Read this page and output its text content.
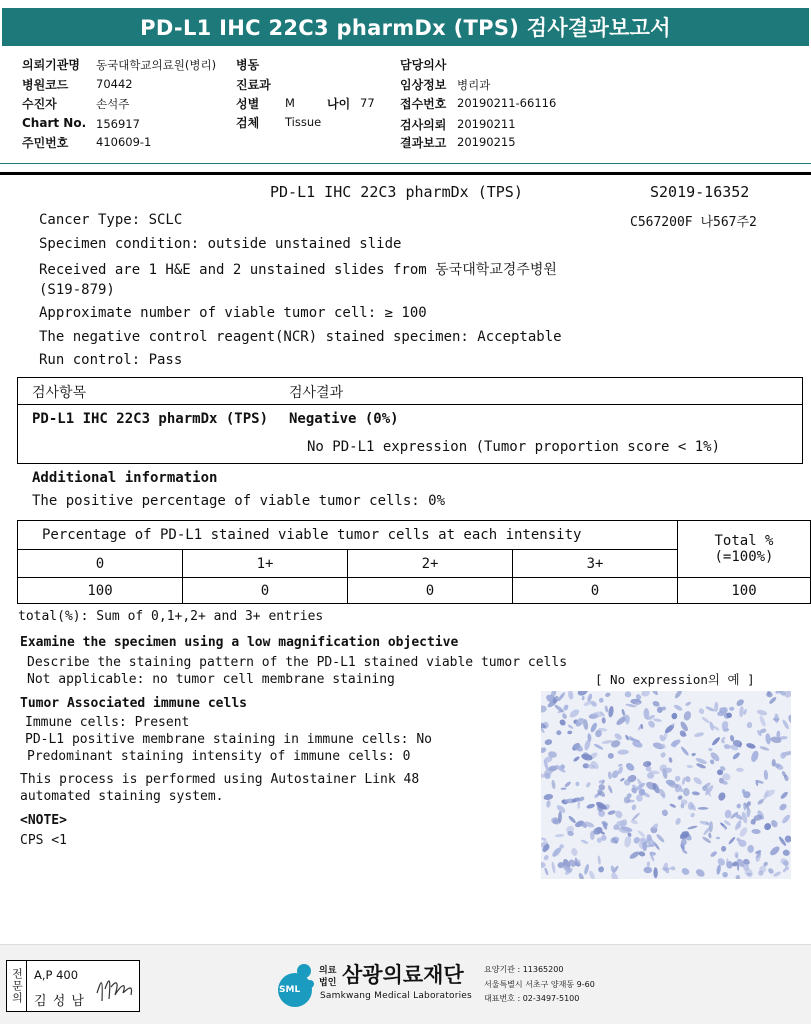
PD-L1 IHC 22C3 pharmDx (TPS) 검사결과보고서
의뢰기관명 동국대학교의료원(병리)
병원코드 70442
수진자	손석주
Chart No. 156917
주민번호 410609-1
병동
진료과
성별 M	나이 77
검체 Tissue
담당의사
임상정보 병리과
접수번호 20190211-66116
검사의뢰 20190211
결과보고 20190215
PD-L1 IHC 22C3 pharmDx (TPS)	S2019-16352
C567200F 나567주2
Cancer Type: SCLC
Specimen condition: outside unstained slide
Received are 1 H&E and 2 unstained slides from 동국대학교경주병원
(S19-879)
Approximate number of viable tumor cell: ≥ 100
The negative control reagent(NCR) stained specimen: Acceptable
Run control: Pass
검사항목	검사결과
PD-L1 IHC 22C3 pharmDx (TPS) Negative (0%)
No PD-L1 expression (Tumor proportion score < 1%)
Additional information
The positive percentage of viable tumor cells: 0%
Percentage of PD-L1 stained viable tumor cells at each intensity	Total %
(=100%)
0	1+	2+	3+
100	0	0	0	100
total(%): Sum of 0,1+,2+ and 3+ entries
Examine the specimen using a low magnification objective
Describe the staining pattern of the PD-L1 stained viable tumor cells
Not applicable: no tumor cell membrane staining	[ No expression의 예 ]
Tumor Associated immune cells
Immune cells: Present
PD-L1 positive membrane staining in immune cells: No
Predominant staining intensity of immune cells: 0
This process is performed using Autostainer Link 48
automated staining system.
<NOTE>
CPS <1
전문의 A,P 400
김 성 남
SML
의료
법인 삼광의료재단
Samkwang Medical Laboratories
요양기관 : 11365200
서울특별시 서초구 양재동 9-60
대표번호 : 02-3497-5100
